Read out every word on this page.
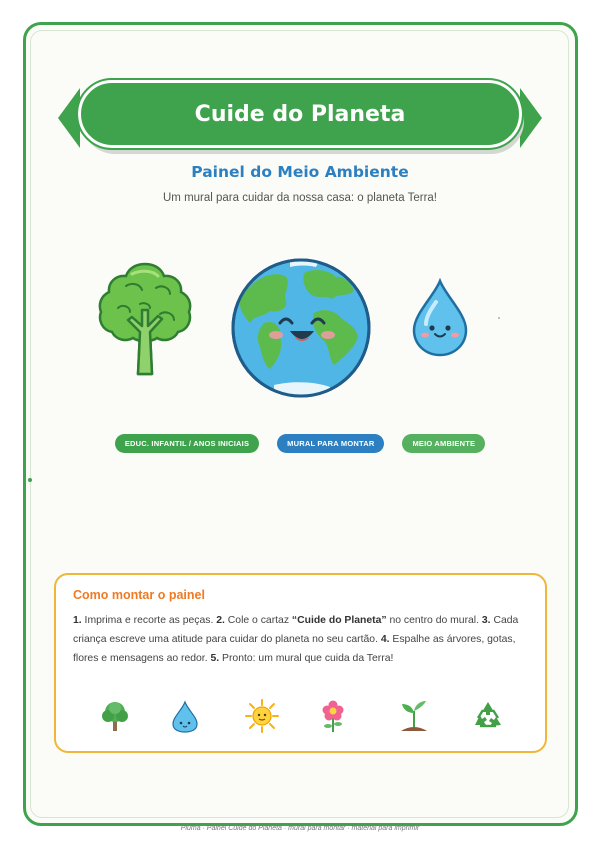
Cuide do Planeta
Painel do Meio Ambiente
Um mural para cuidar da nossa casa: o planeta Terra!
EDUC. INFANTIL / ANOS INICIAIS	MURAL PARA MONTAR	MEIO AMBIENTE
Como montar o painel
1. Imprima e recorte as peças. 2. Cole o cartaz “Cuide do Planeta” no centro do mural. 3. Cada criança escreve uma atitude para cuidar do planeta no seu cartão. 4. Espalhe as árvores, gotas, flores e mensagens ao redor. 5. Pronto: um mural que cuida da Terra!
Pluma · Painel Cuide do Planeta · mural para montar · material para imprimir
